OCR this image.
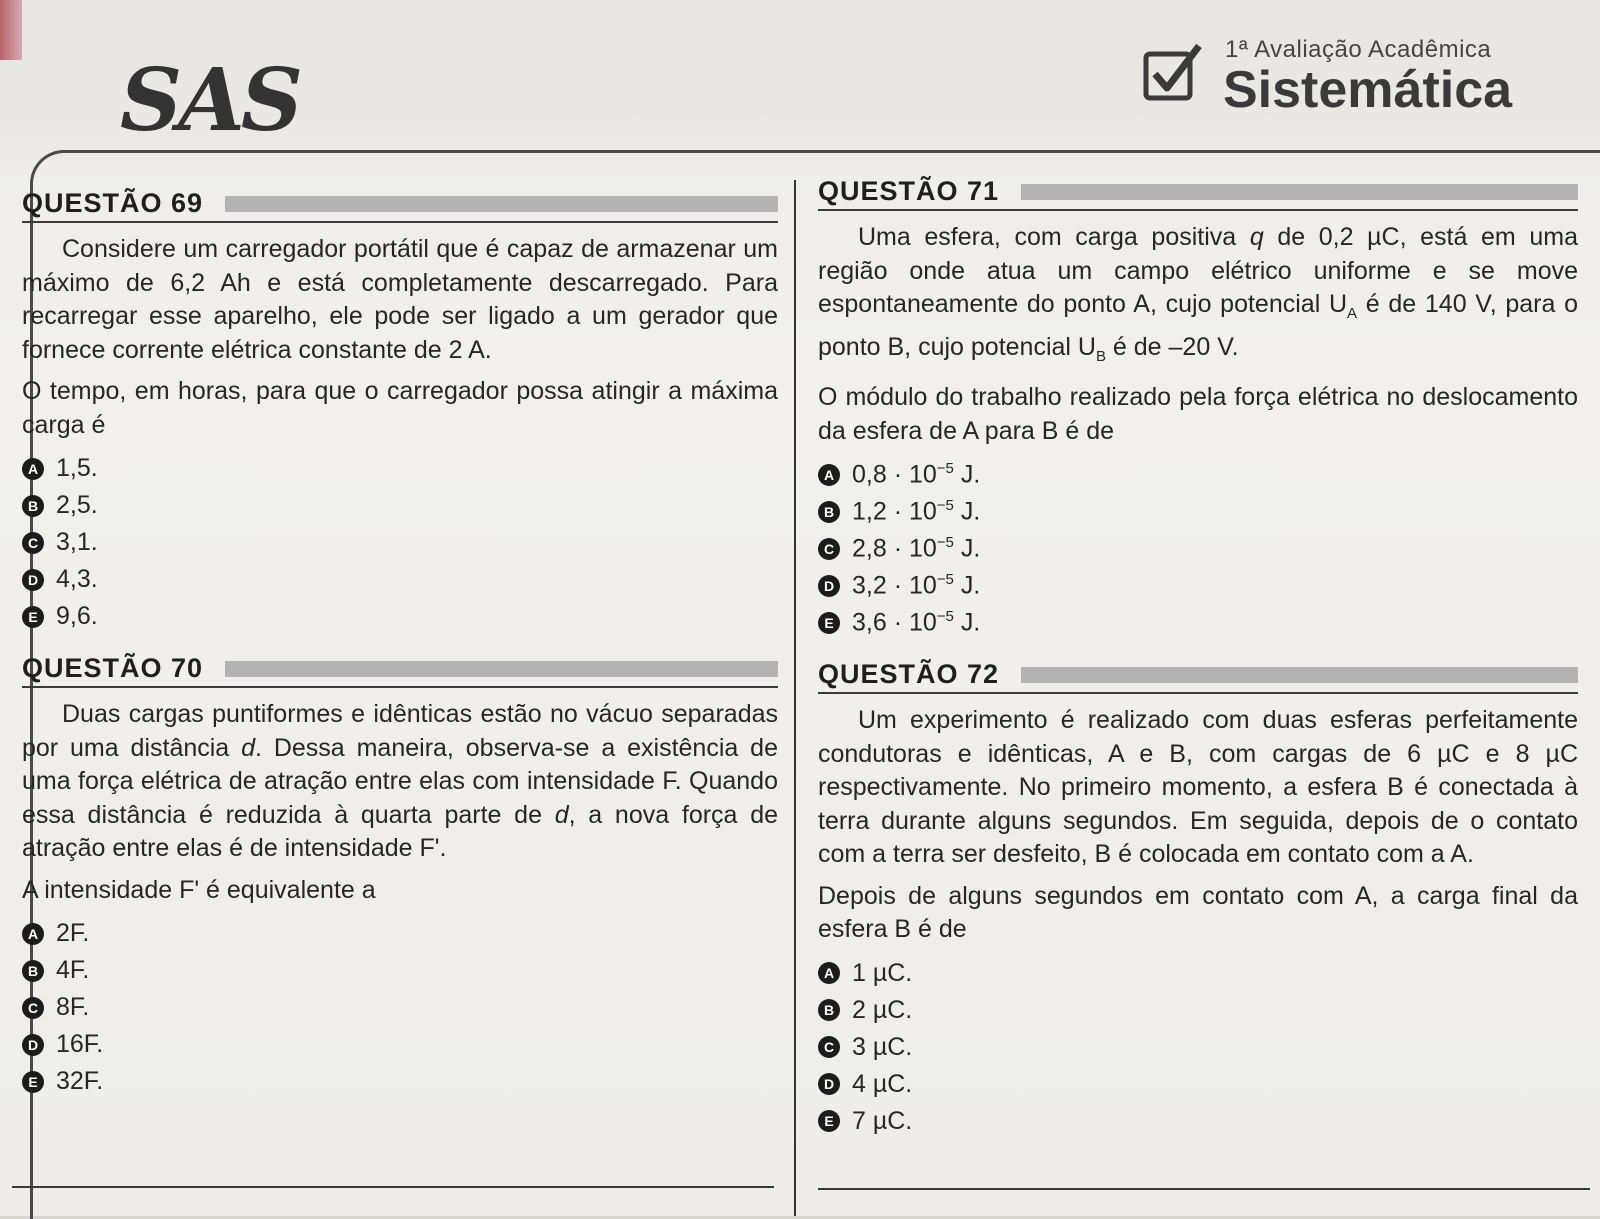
SAS
1ª Avaliação Acadêmica
Sistemática
QUESTÃO 69

Considere um carregador portátil que é capaz de armazenar um máximo de 6,2 Ah e está completamente descarregado. Para recarregar esse aparelho, ele pode ser ligado a um gerador que fornece corrente elétrica constante de 2 A.

O tempo, em horas, para que o carregador possa atingir a máxima carga é

A 1,5.
B 2,5.
C 3,1.
D 4,3.
E 9,6.
QUESTÃO 70

Duas cargas puntiformes e idênticas estão no vácuo separadas por uma distância d. Dessa maneira, observa-se a existência de uma força elétrica de atração entre elas com intensidade F. Quando essa distância é reduzida à quarta parte de d, a nova força de atração entre elas é de intensidade F'.

A intensidade F' é equivalente a

A 2F.
B 4F.
C 8F.
D 16F.
E 32F.
QUESTÃO 71

Uma esfera, com carga positiva q de 0,2 µC, está em uma região onde atua um campo elétrico uniforme e se move espontaneamente do ponto A, cujo potencial $U_A$ é de 140 V, para o ponto B, cujo potencial $U_B$ é de –20 V.

O módulo do trabalho realizado pela força elétrica no deslocamento da esfera de A para B é de

A $0,8 \cdot 10^{-5}$ J.
B $1,2 \cdot 10^{-5}$ J.
C $2,8 \cdot 10^{-5}$ J.
D $3,2 \cdot 10^{-5}$ J.
E $3,6 \cdot 10^{-5}$ J.
QUESTÃO 72

Um experimento é realizado com duas esferas perfeitamente condutoras e idênticas, A e B, com cargas de 6 µC e 8 µC respectivamente. No primeiro momento, a esfera B é conectada à terra durante alguns segundos. Em seguida, depois de o contato com a terra ser desfeito, B é colocada em contato com a A.

Depois de alguns segundos em contato com A, a carga final da esfera B é de

A 1 µC.
B 2 µC.
C 3 µC.
D 4 µC.
E 7 µC.
